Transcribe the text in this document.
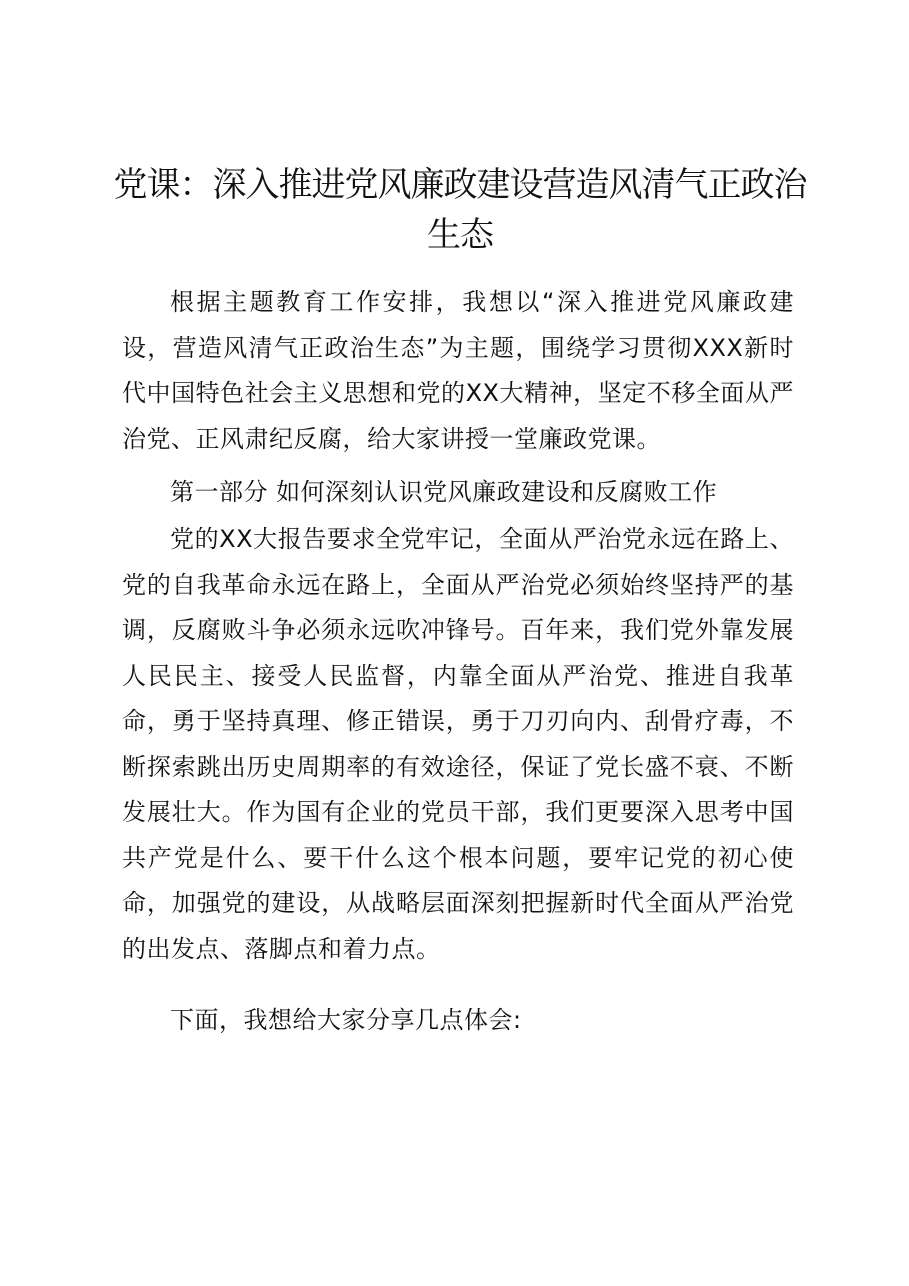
党课：深入推进党风廉政建设营造风清气正政治生态

根据主题教育工作安排，我想以“深入推进党风廉政建设，营造风清气正政治生态”为主题，围绕学习贯彻XXX新时代中国特色社会主义思想和党的XX大精神，坚定不移全面从严治党、正风肃纪反腐，给大家讲授一堂廉政党课。

第一部分 如何深刻认识党风廉政建设和反腐败工作

党的XX大报告要求全党牢记，全面从严治党永远在路上、党的自我革命永远在路上，全面从严治党必须始终坚持严的基调，反腐败斗争必须永远吹冲锋号。百年来，我们党外靠发展人民民主、接受人民监督，内靠全面从严治党、推进自我革命，勇于坚持真理、修正错误，勇于刀刃向内、刮骨疗毒，不断探索跳出历史周期率的有效途径，保证了党长盛不衰、不断发展壮大。作为国有企业的党员干部，我们更要深入思考中国共产党是什么、要干什么这个根本问题，要牢记党的初心使命，加强党的建设，从战略层面深刻把握新时代全面从严治党的出发点、落脚点和着力点。

下面，我想给大家分享几点体会:
